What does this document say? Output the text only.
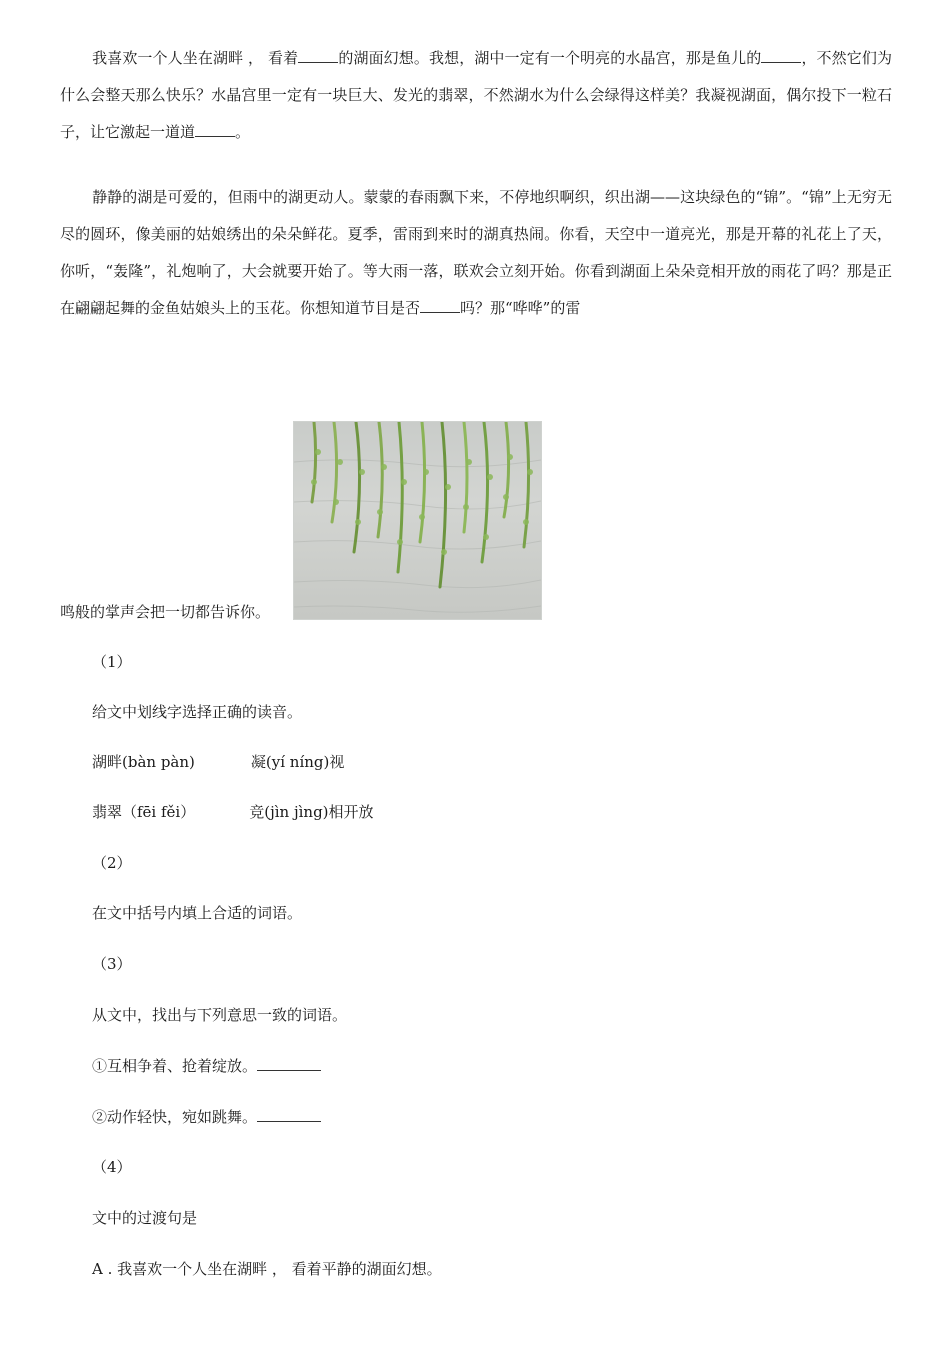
我喜欢一个人坐在湖畔 ， 看着	的湖面幻想。我想，湖中一定有一个明亮的水晶宫，那是鱼儿的	，不然它们为什么会整天那么快乐？水晶宫里一定有一块巨大、发光的翡翠，不然湖水为什么会绿得这样美？我凝视湖面，偶尔投下一粒石子，让它激起一道道	。

静静的湖是可爱的，但雨中的湖更动人。蒙蒙的春雨飘下来，不停地织啊织，织出湖——这块绿色的“锦”。“锦”上无穷无尽的圆环，像美丽的姑娘绣出的朵朵鲜花。夏季，雷雨到来时的湖真热闹。你看，天空中一道亮光，那是开幕的礼花上了天，你听，“轰隆”，礼炮响了，大会就要开始了。等大雨一落，联欢会立刻开始。你看到湖面上朵朵竞相开放的雨花了吗？那是正在翩翩起舞的金鱼姑娘头上的玉花。你想知道节目是否	吗？那“哗哗”的雷

鸣般的掌声会把一切都告诉你。

（1）

给文中划线字选择正确的读音。

湖畔(bàn pàn)	凝(yí níng)视

翡翠（fēi fěi）	竞(jìn jìng)相开放

（2）

在文中括号内填上合适的词语。

（3）

从文中，找出与下列意思一致的词语。

①互相争着、抢着绽放。

②动作轻快，宛如跳舞。

（4）

文中的过渡句是

A . 我喜欢一个人坐在湖畔 ， 看着平静的湖面幻想。
